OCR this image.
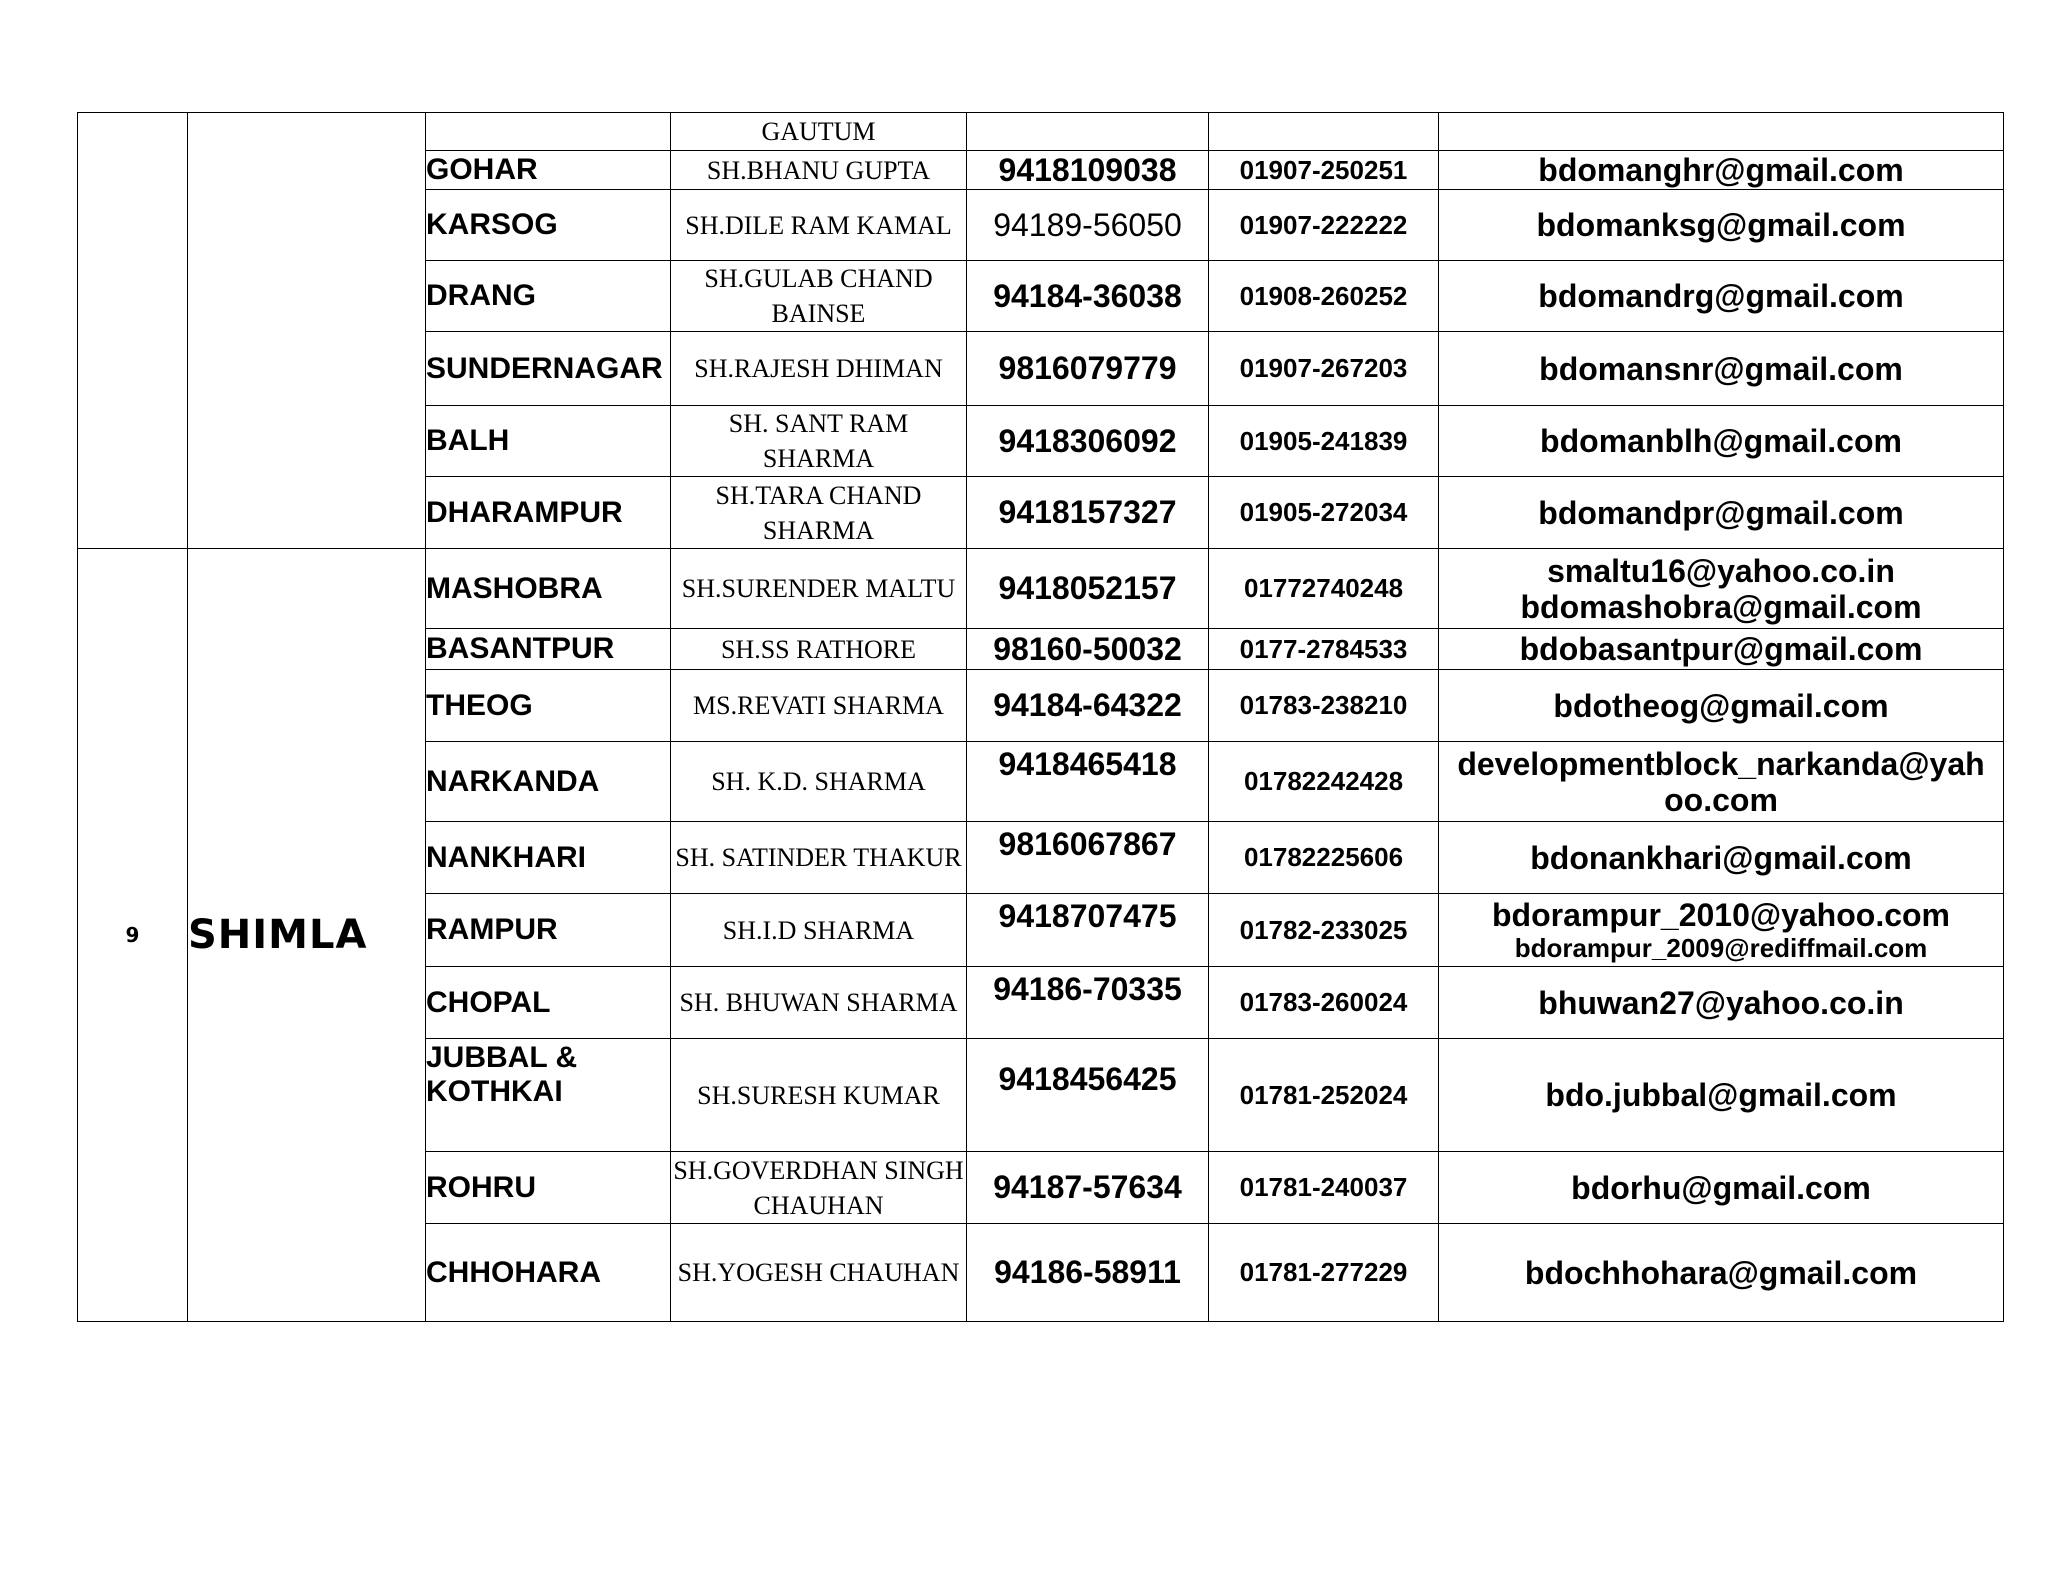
			GAUTUM			
		GOHAR	SH.BHANU GUPTA	9418109038	01907-250251	bdomanghr@gmail.com
		KARSOG	SH.DILE RAM KAMAL	94189-56050	01907-222222	bdomanksg@gmail.com
		DRANG	SH.GULAB CHAND BAINSE	94184-36038	01908-260252	bdomandrg@gmail.com
		SUNDERNAGAR	SH.RAJESH DHIMAN	9816079779	01907-267203	bdomansnr@gmail.com
		BALH	SH. SANT RAM SHARMA	9418306092	01905-241839	bdomanblh@gmail.com
		DHARAMPUR	SH.TARA CHAND SHARMA	9418157327	01905-272034	bdomandpr@gmail.com
9	SHIMLA	MASHOBRA	SH.SURENDER MALTU	9418052157	01772740248	smaltu16@yahoo.co.in
bdomashobra@gmail.com

		BASANTPUR	SH.SS RATHORE	98160-50032	0177-2784533	bdobasantpur@gmail.com
		THEOG	MS.REVATI SHARMA	94184-64322	01783-238210	bdotheog@gmail.com
		NARKANDA	SH. K.D. SHARMA	9418465418	01782242428	developmentblock_narkanda@yahoo.com
		NANKHARI	SH. SATINDER THAKUR	9816067867	01782225606	bdonankhari@gmail.com
		RAMPUR	SH.I.D SHARMA	9418707475	01782-233025	bdorampur_2010@yahoo.com
bdorampur_2009@rediffmail.com

		CHOPAL	SH. BHUWAN SHARMA	94186-70335	01783-260024	bhuwan27@yahoo.co.in
		JUBBAL & KOTHKAI	SH.SURESH KUMAR	9418456425	01781-252024	bdo.jubbal@gmail.com
		ROHRU	SH.GOVERDHAN SINGH CHAUHAN	94187-57634	01781-240037	bdorhu@gmail.com
		CHHOHARA	SH.YOGESH CHAUHAN	94186-58911	01781-277229	bdochhohara@gmail.com
